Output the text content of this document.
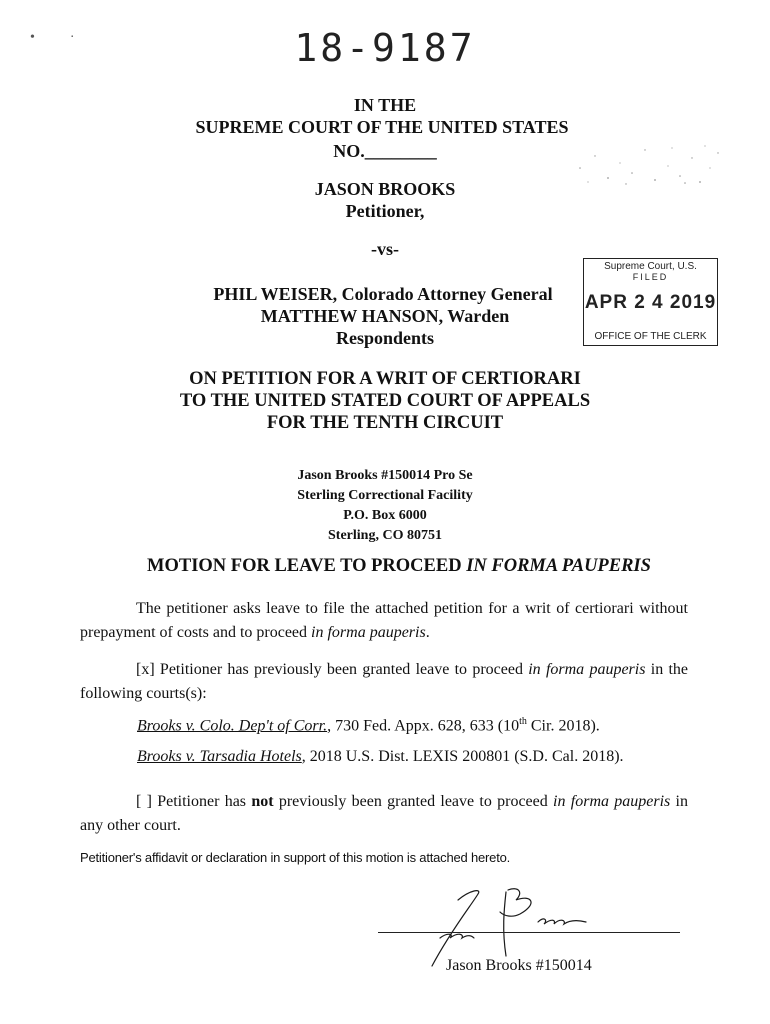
•          ·	18-9187
IN THE
SUPREME COURT OF THE UNITED STATES
NO.________
JASON BROOKS
Petitioner,
-vs-
PHIL WEISER, Colorado Attorney General
MATTHEW HANSON, Warden
Respondents
Supreme Court, U.S.
FILED
APR 2 4 2019
OFFICE OF THE CLERK
ON PETITION FOR A WRIT OF CERTIORARI
TO THE UNITED STATED COURT OF APPEALS
FOR THE TENTH CIRCUIT
Jason Brooks #150014 Pro Se
Sterling Correctional Facility
P.O. Box 6000
Sterling, CO 80751
MOTION FOR LEAVE TO PROCEED IN FORMA PAUPERIS
The petitioner asks leave to file the attached petition for a writ of certiorari without prepayment of costs and to proceed in forma pauperis.
[x] Petitioner has previously been granted leave to proceed in forma pauperis in the following courts(s):
Brooks v. Colo. Dep't of Corr., 730 Fed. Appx. 628, 633 (10th Cir. 2018).
Brooks v. Tarsadia Hotels, 2018 U.S. Dist. LEXIS 200801 (S.D. Cal. 2018).
[ ] Petitioner has not previously been granted leave to proceed in forma pauperis in any other court.
Petitioner's affidavit or declaration in support of this motion is attached hereto.
Jason Brooks #150014
